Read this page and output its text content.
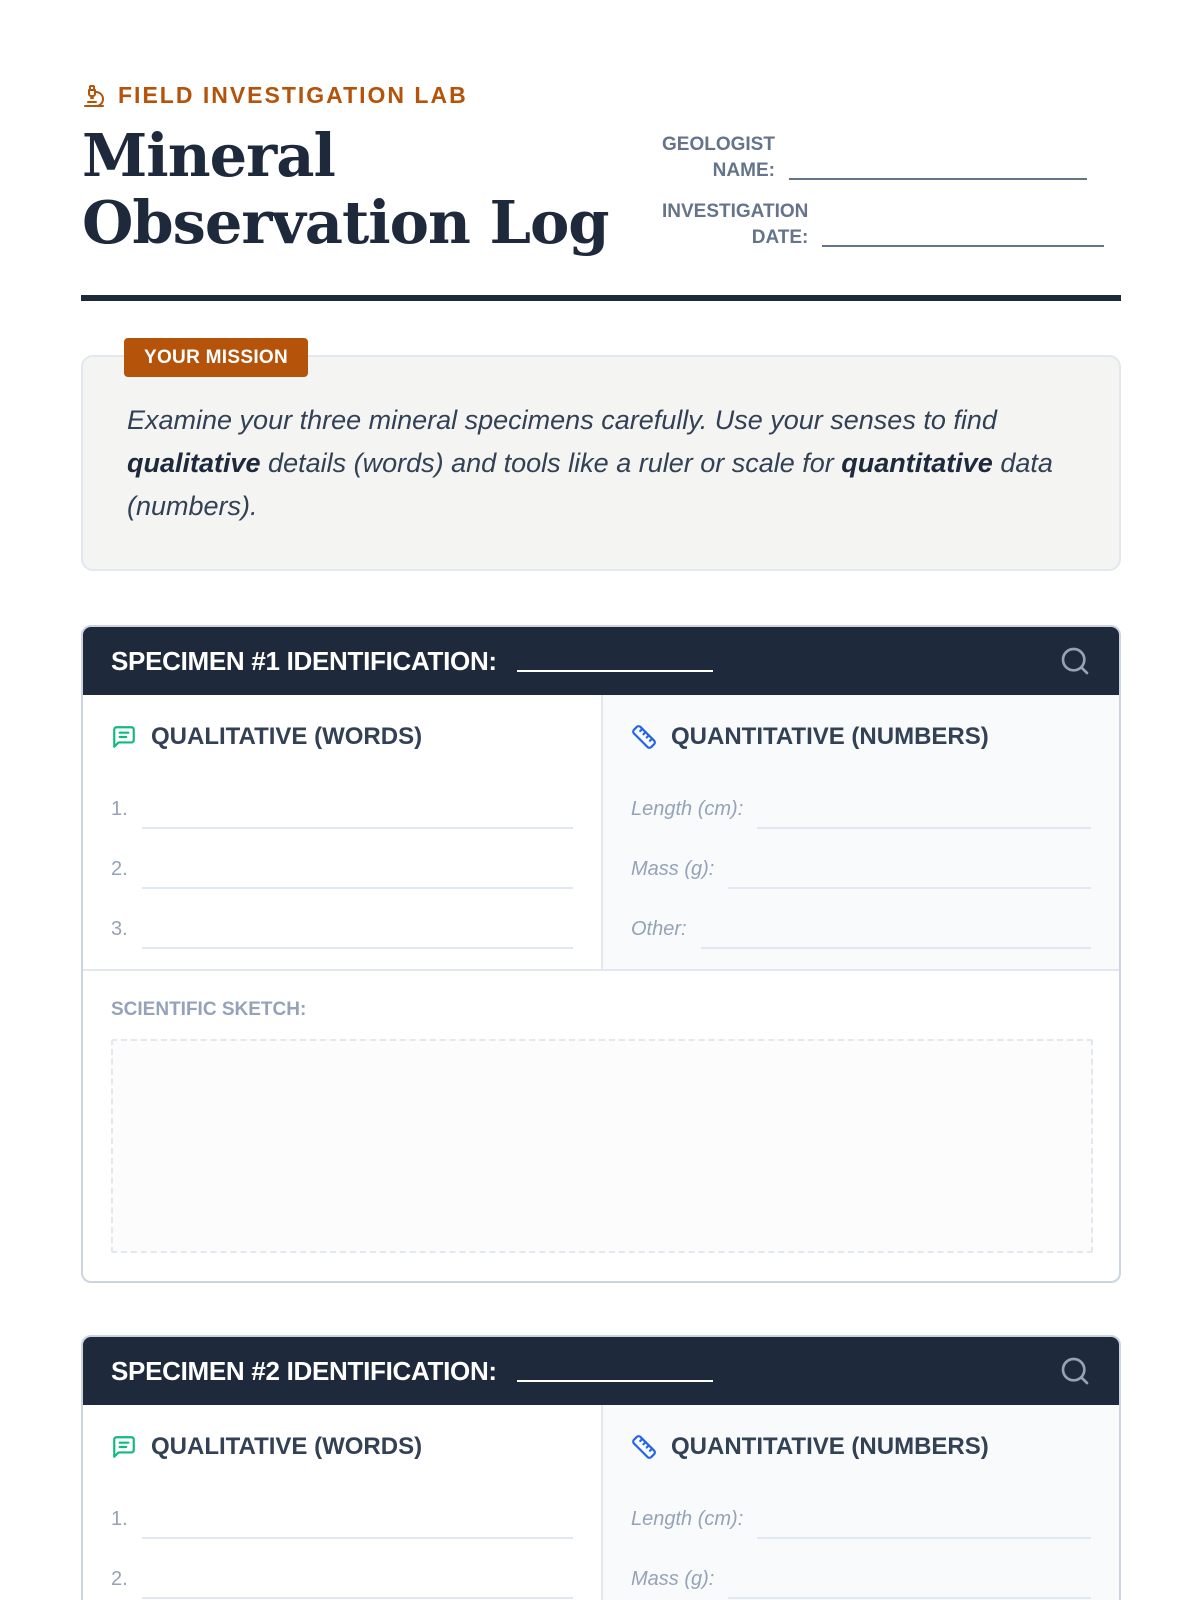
FIELD INVESTIGATION LAB
Mineral
Observation Log
GEOLOGIST
NAME:
INVESTIGATION
DATE:
Examine your three mineral specimens carefully. Use your senses to find qualitative details (words) and tools like a ruler or scale for quantitative data (numbers).
YOUR MISSION
SPECIMEN #1 IDENTIFICATION:
QUALITATIVE (WORDS)
1.
2.
3.
QUANTITATIVE (NUMBERS)
Length (cm):
Mass (g):
Other:
SCIENTIFIC SKETCH:
SPECIMEN #2 IDENTIFICATION:
QUALITATIVE (WORDS)
1.
2.
QUANTITATIVE (NUMBERS)
Length (cm):
Mass (g):
